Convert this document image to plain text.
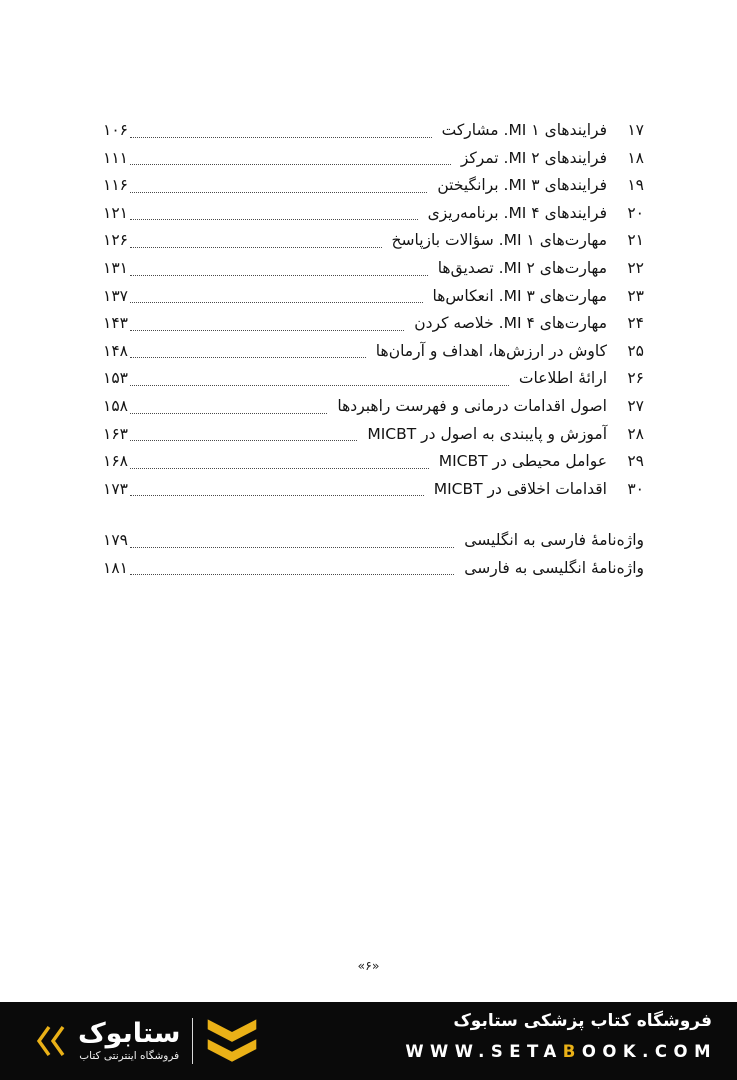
۱۷
فرایندهای MI ۱. مشارکت
۱۰۶
۱۸
فرایندهای MI ۲. تمرکز
۱۱۱
۱۹
فرایندهای MI ۳. برانگیختن
۱۱۶
۲۰
فرایندهای MI ۴. برنامه‌ریزی
۱۲۱
۲۱
مهارت‌های MI ۱. سؤالات بازپاسخ
۱۲۶
۲۲
مهارت‌های MI ۲. تصدیق‌ها
۱۳۱
۲۳
مهارت‌های MI ۳. انعکاس‌ها
۱۳۷
۲۴
مهارت‌های MI ۴. خلاصه کردن
۱۴۳
۲۵
کاوش در ارزش‌ها، اهداف و آرمان‌ها
۱۴۸
۲۶
ارائۀ اطلاعات
۱۵۳
۲۷
اصول اقدامات درمانی و فهرست راهبردها
۱۵۸
۲۸
آموزش و پایبندی به اصول در MICBT
۱۶۳
۲۹
عوامل محیطی در MICBT
۱۶۸
۳۰
اقدامات اخلاقی در MICBT
۱۷۳
واژه‌نامۀ فارسی به انگلیسی
۱۷۹
واژه‌نامۀ انگلیسی به فارسی
۱۸۱
«۶»
فروشگاه کتاب پزشکی ستابوک
WWW.SETABOOK.COM
ستابوک
فروشگاه اینترنتی کتاب
